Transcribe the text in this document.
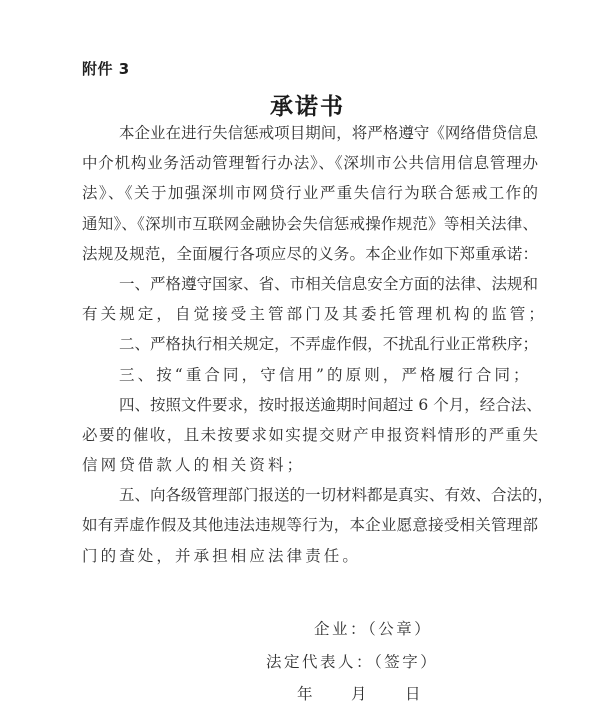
附件 3
承诺书
本企业在进行失信惩戒项目期间，将严格遵守《网络借贷信息
中介机构业务活动管理暂行办法》、《深圳市公共信用信息管理办
法》、《关于加强深圳市网贷行业严重失信行为联合惩戒工作的
通知》、《深圳市互联网金融协会失信惩戒操作规范》等相关法律、
法规及规范，全面履行各项应尽的义务。本企业作如下郑重承诺：
一、严格遵守国家、省、市相关信息安全方面的法律、法规和
有关规定，自觉接受主管部门及其委托管理机构的监管；
二、严格执行相关规定，不弄虚作假，不扰乱行业正常秩序；
三、按“重合同，守信用”的原则，严格履行合同；
四、按照文件要求，按时报送逾期时间超过 6 个月，经合法、
必要的催收，且未按要求如实提交财产申报资料情形的严重失
信网贷借款人的相关资料；
五、向各级管理部门报送的一切材料都是真实、有效、合法的，
如有弄虚作假及其他违法违规等行为，本企业愿意接受相关管理部
门的查处，并承担相应法律责任。
企业：（公章）
法定代表人：（签字）
年　　月　　日
